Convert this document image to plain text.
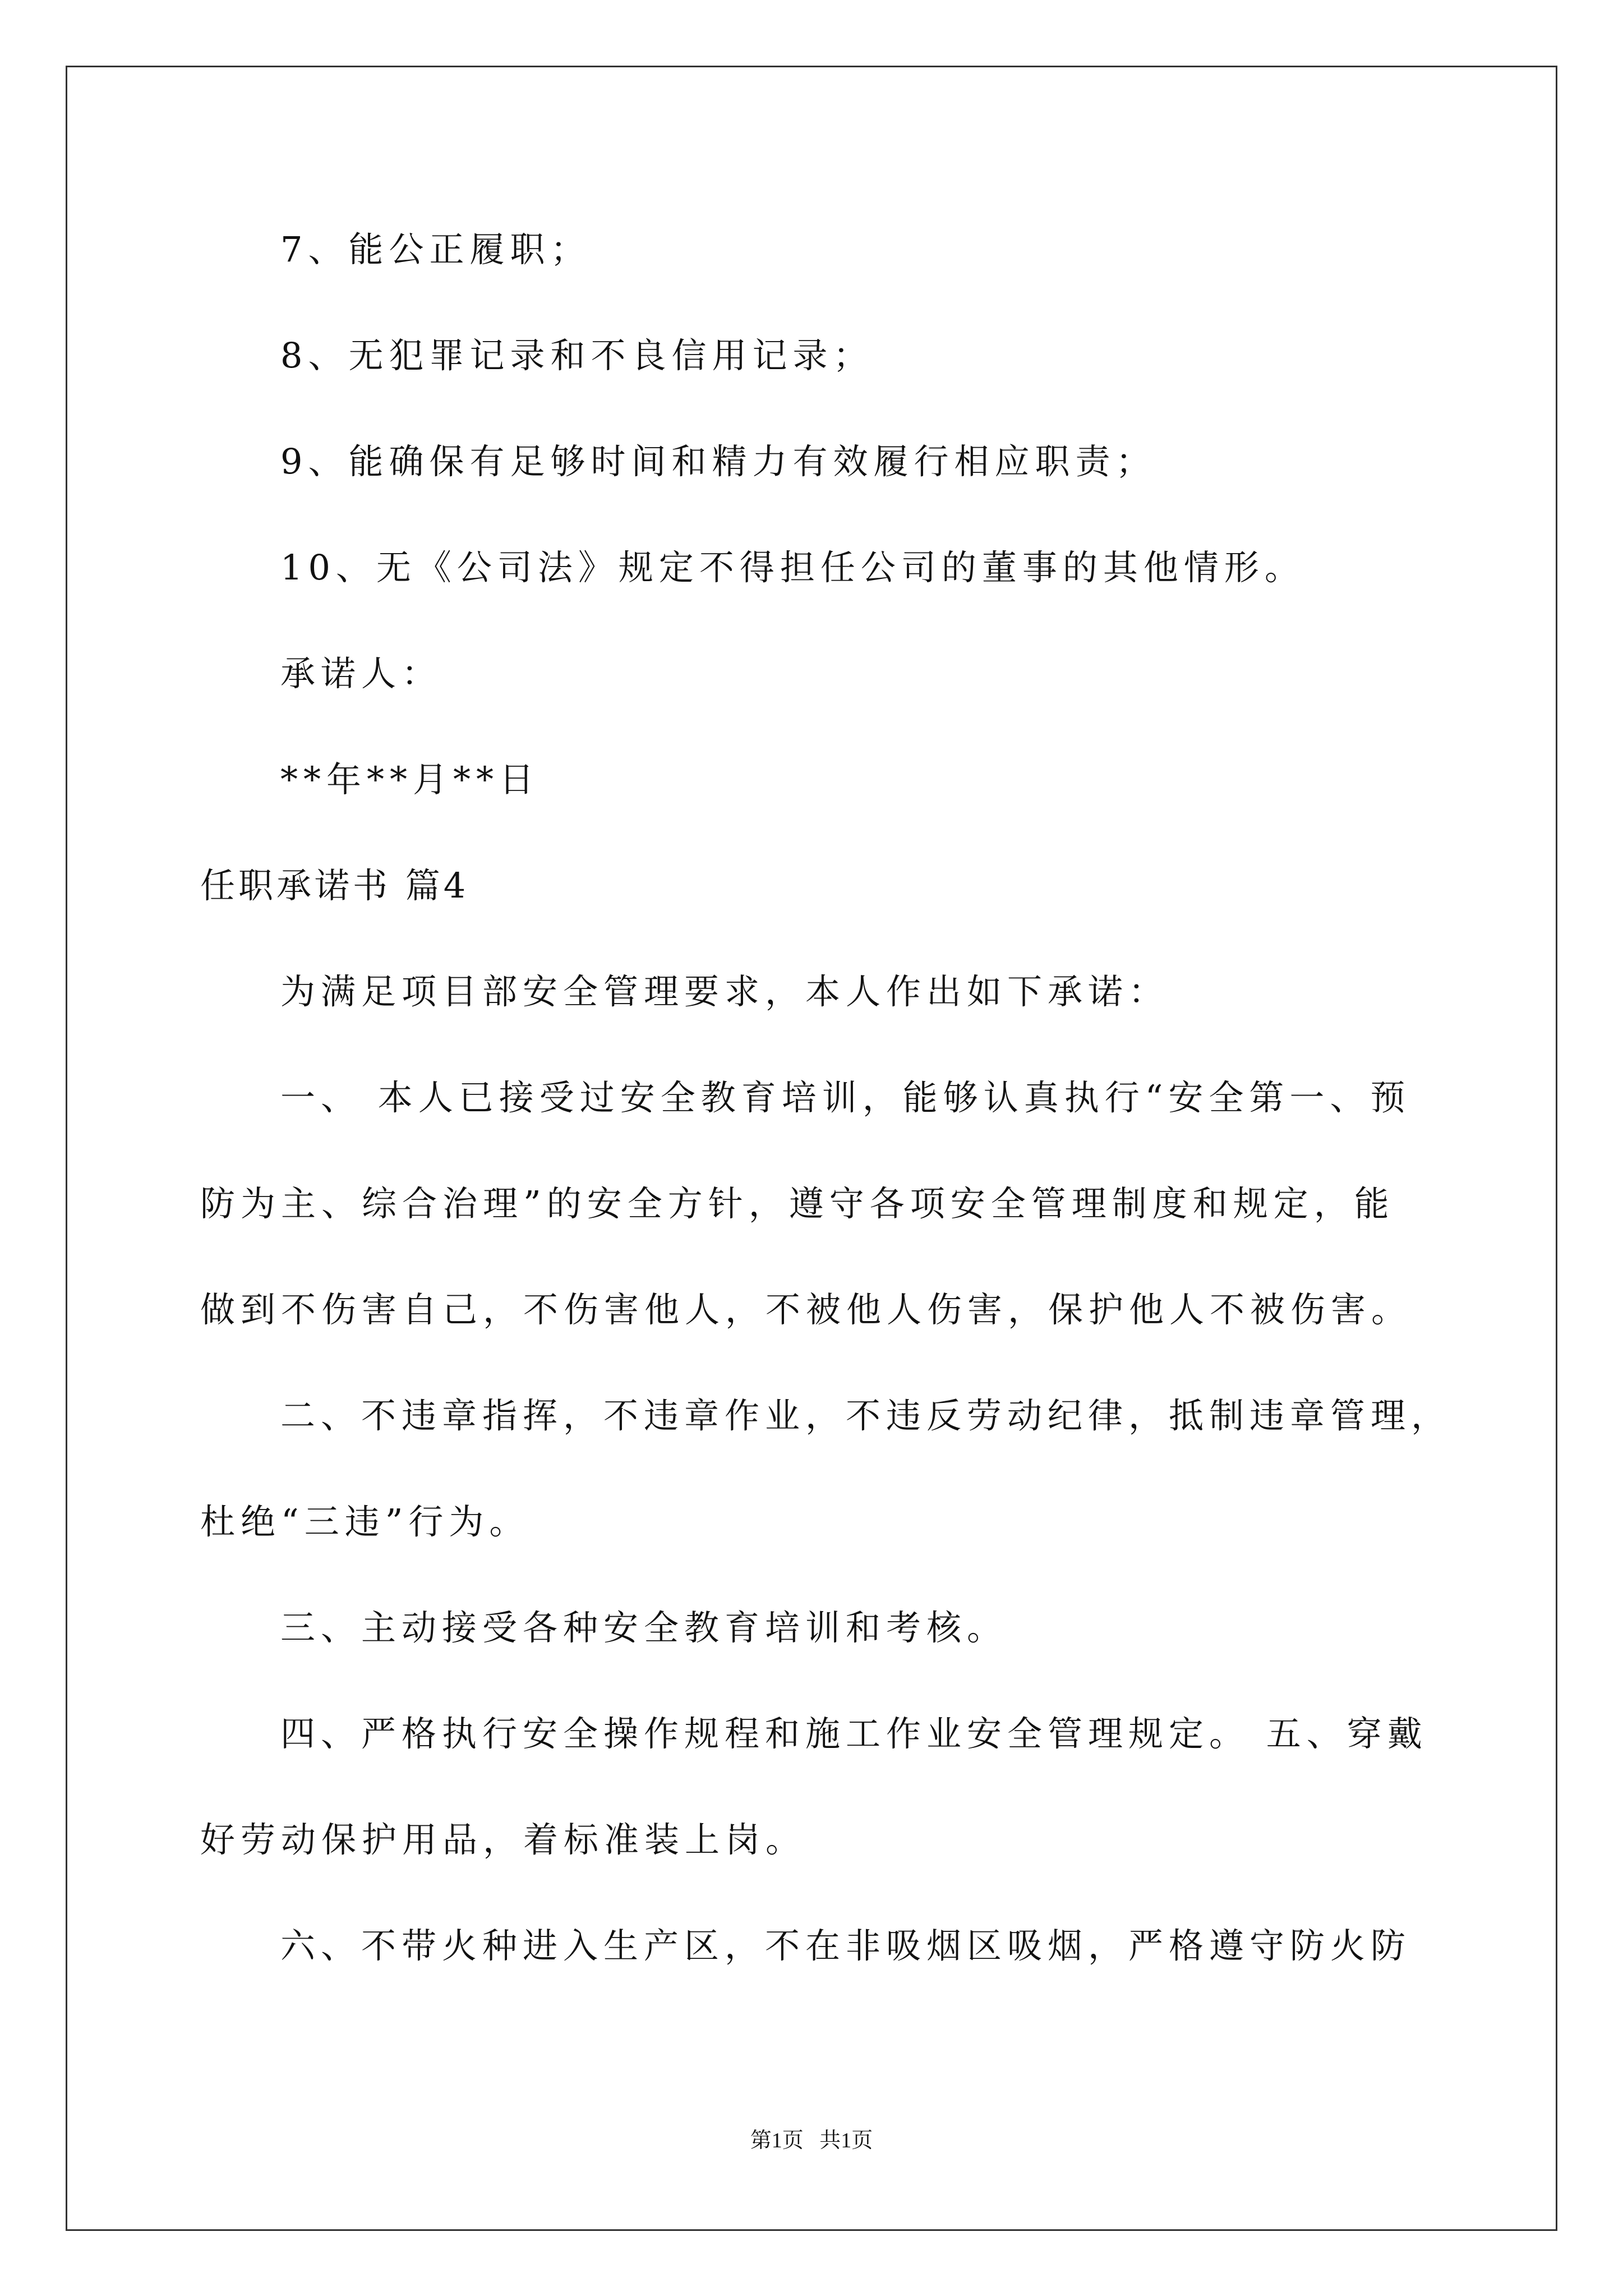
7、能公正履职；
8、无犯罪记录和不良信用记录；
9、能确保有足够时间和精力有效履行相应职责；
10、无《公司法》规定不得担任公司的董事的其他情形。
承诺人：
**年**月**日
任职承诺书 篇4
为满足项目部安全管理要求，本人作出如下承诺：
一、 本人已接受过安全教育培训，能够认真执行“安全第一、预
防为主、综合治理”的安全方针，遵守各项安全管理制度和规定，能
做到不伤害自己，不伤害他人，不被他人伤害，保护他人不被伤害。
二、不违章指挥，不违章作业，不违反劳动纪律，抵制违章管理，
杜绝“三违”行为。
三、主动接受各种安全教育培训和考核。
四、严格执行安全操作规程和施工作业安全管理规定。 五、穿戴
好劳动保护用品，着标准装上岗。
六、不带火种进入生产区，不在非吸烟区吸烟，严格遵守防火防
第1页   共1页
